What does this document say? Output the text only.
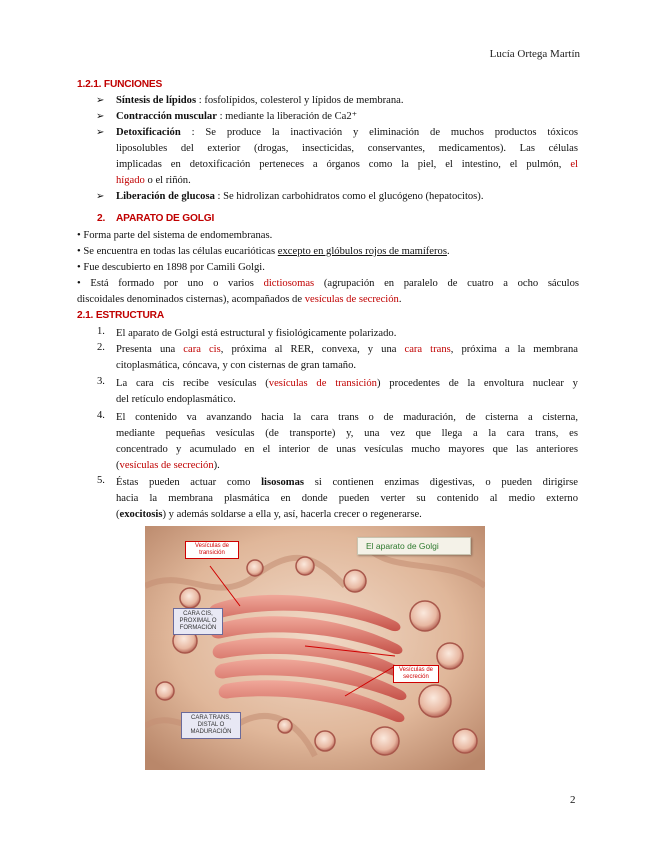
Lucía Ortega Martín
1.2.1. FUNCIONES
➢ Síntesis de lípidos : fosfolípidos, colesterol y lípidos de membrana.
➢ Contracción muscular : mediante la liberación de Ca2⁺
➢ Detoxificación : Se produce la inactivación y eliminación de muchos productos tóxicos
liposolubles del exterior (drogas, insecticidas, conservantes, medicamentos). Las células
implicadas en detoxificación perteneces a órganos como la piel, el intestino, el pulmón, el
hígado o el riñón.
➢ Liberación de glucosa : Se hidrolizan carbohidratos como el glucógeno (hepatocitos).
2. APARATO DE GOLGI
• Forma parte del sistema de endomembranas.
• Se encuentra en todas las células eucarióticas excepto en glóbulos rojos de mamíferos.
• Fue descubierto en 1898 por Camili Golgi.
• Está formado por uno o varios dictiosomas (agrupación en paralelo de cuatro a ocho sáculos
discoidales denominados cisternas), acompañados de vesículas de secreción.
2.1. ESTRUCTURA
1. El aparato de Golgi está estructural y fisiológicamente polarizado.
2. Presenta una cara cis, próxima al RER, convexa, y una cara trans, próxima a la membrana
citoplasmática, cóncava, y con cisternas de gran tamaño.
3. La cara cis recibe vesículas (vesículas de transición) procedentes de la envoltura nuclear y
del retículo endoplasmático.
4. El contenido va avanzando hacia la cara trans o de maduración, de cisterna a cisterna,
mediante pequeñas vesículas (de transporte) y, una vez que llega a la cara trans, es
concentrado y acumulado en el interior de unas vesículas mucho mayores que las anteriores
(vesículas de secreción).
5. Éstas pueden actuar como lisosomas si contienen enzimas digestivas, o pueden dirigirse
hacia la membrana plasmática en donde pueden verter su contenido al medio externo
(exocitosis) y además soldarse a ella y, así, hacerla crecer o regenerarse.
El aparato de Golgi
Vesículas de transición
CARA CIS, PROXIMAL O FORMACIÓN
Vesículas de secreción
CARA TRANS, DISTAL O MADURACIÓN
2
